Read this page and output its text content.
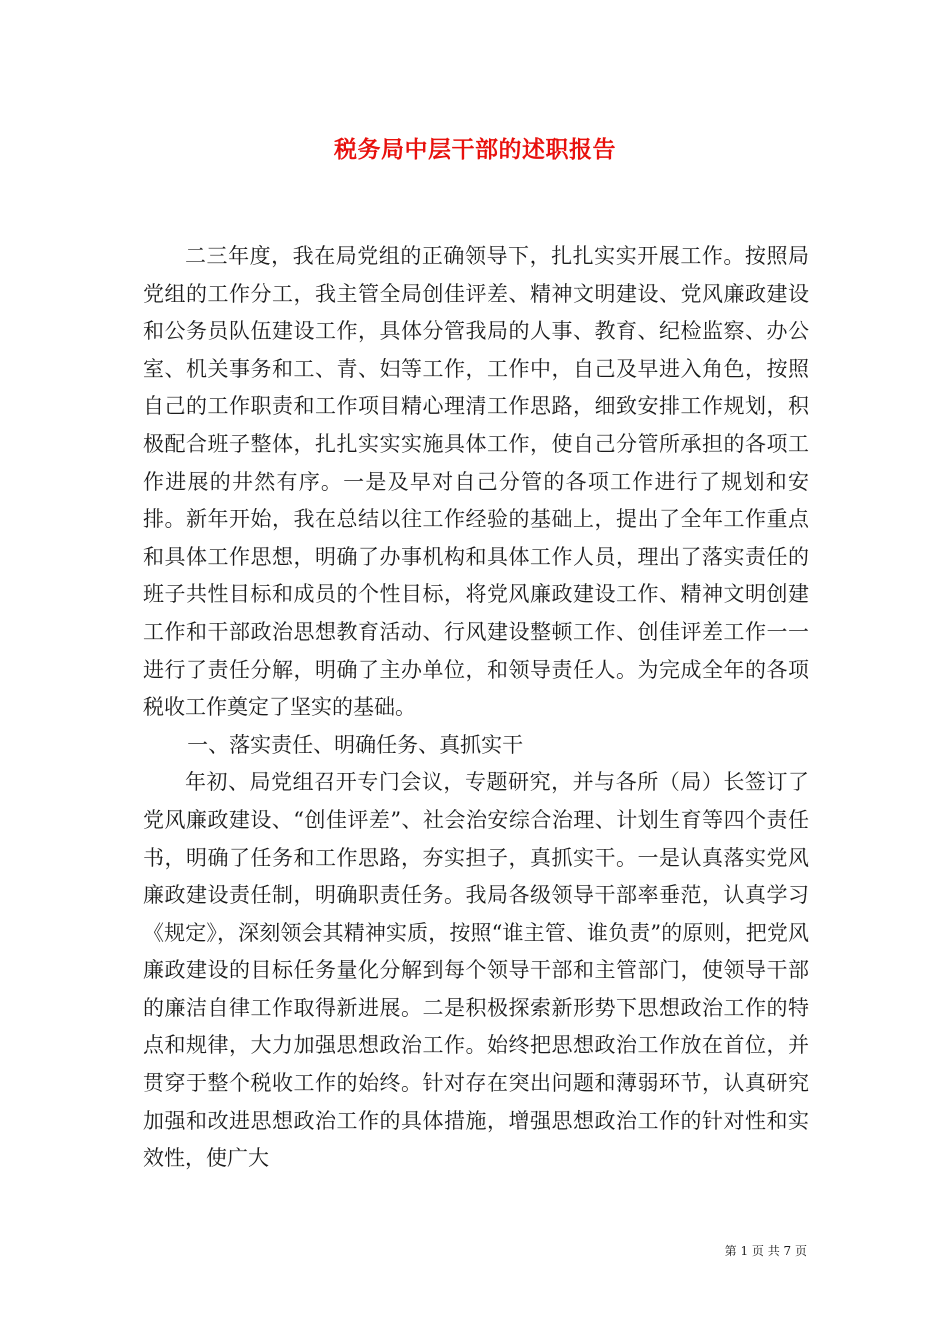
税务局中层干部的述职报告

二三年度，我在局党组的正确领导下，扎扎实实开展工作。按照局党组的工作分工，我主管全局创佳评差、精神文明建设、党风廉政建设和公务员队伍建设工作，具体分管我局的人事、教育、纪检监察、办公室、机关事务和工、青、妇等工作，工作中，自己及早进入角色，按照自己的工作职责和工作项目精心理清工作思路，细致安排工作规划，积极配合班子整体，扎扎实实实施具体工作，使自己分管所承担的各项工作进展的井然有序。一是及早对自己分管的各项工作进行了规划和安排。新年开始，我在总结以往工作经验的基础上，提出了全年工作重点和具体工作思想，明确了办事机构和具体工作人员，理出了落实责任的班子共性目标和成员的个性目标，将党风廉政建设工作、精神文明创建工作和干部政治思想教育活动、行风建设整顿工作、创佳评差工作一一进行了责任分解，明确了主办单位，和领导责任人。为完成全年的各项税收工作奠定了坚实的基础。

一、落实责任、明确任务、真抓实干

年初、局党组召开专门会议，专题研究，并与各所（局）长签订了党风廉政建设、“创佳评差”、社会治安综合治理、计划生育等四个责任书，明确了任务和工作思路，夯实担子，真抓实干。一是认真落实党风廉政建设责任制，明确职责任务。我局各级领导干部率垂范，认真学习《规定》，深刻领会其精神实质，按照“谁主管、谁负责”的原则，把党风廉政建设的目标任务量化分解到每个领导干部和主管部门，使领导干部的廉洁自律工作取得新进展。二是积极探索新形势下思想政治工作的特点和规律，大力加强思想政治工作。始终把思想政治工作放在首位，并贯穿于整个税收工作的始终。针对存在突出问题和薄弱环节，认真研究加强和改进思想政治工作的具体措施，增强思想政治工作的针对性和实效性，使广大

第 1 页 共 7 页
